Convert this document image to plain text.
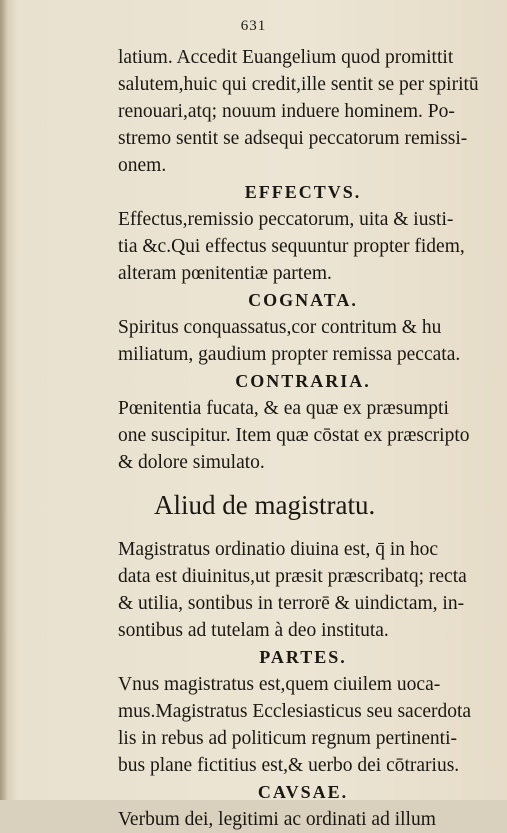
631
latium. Accedit Euangelium quod promittit
salutem,huic qui credit,ille sentit se per spiritū
renouari,atq; nouum induere hominem. Po-
stremo sentit se adsequi peccatorum remissi-
onem.
EFFECTVS.
Effectus,remissio peccatorum, uita & iusti-
tia &c.Qui effectus sequuntur propter fidem,
alteram pœnitentiæ partem.
COGNATA.
Spiritus conquassatus,cor contritum & hu
miliatum, gaudium propter remissa peccata.
CONTRARIA.
Pœnitentia fucata, & ea quæ ex præsumpti
one suscipitur. Item quæ cōstat ex præscripto
& dolore simulato.
Aliud de magistratu.
Magistratus ordinatio diuina est, q̄ in hoc
data est diuinitus,ut præsit præscribatq; recta
& utilia, sontibus in terrorē & uindictam, in-
sontibus ad tutelam à deo instituta.
PARTES.
Vnus magistratus est,quem ciuilem uoca-
mus.Magistratus Ecclesiasticus seu sacerdota
lis in rebus ad politicum regnum pertinenti-
bus plane fictitius est,& uerbo dei cōtrarius.
CAVSAE.
Verbum dei, legitimi ac ordinati ad illum
